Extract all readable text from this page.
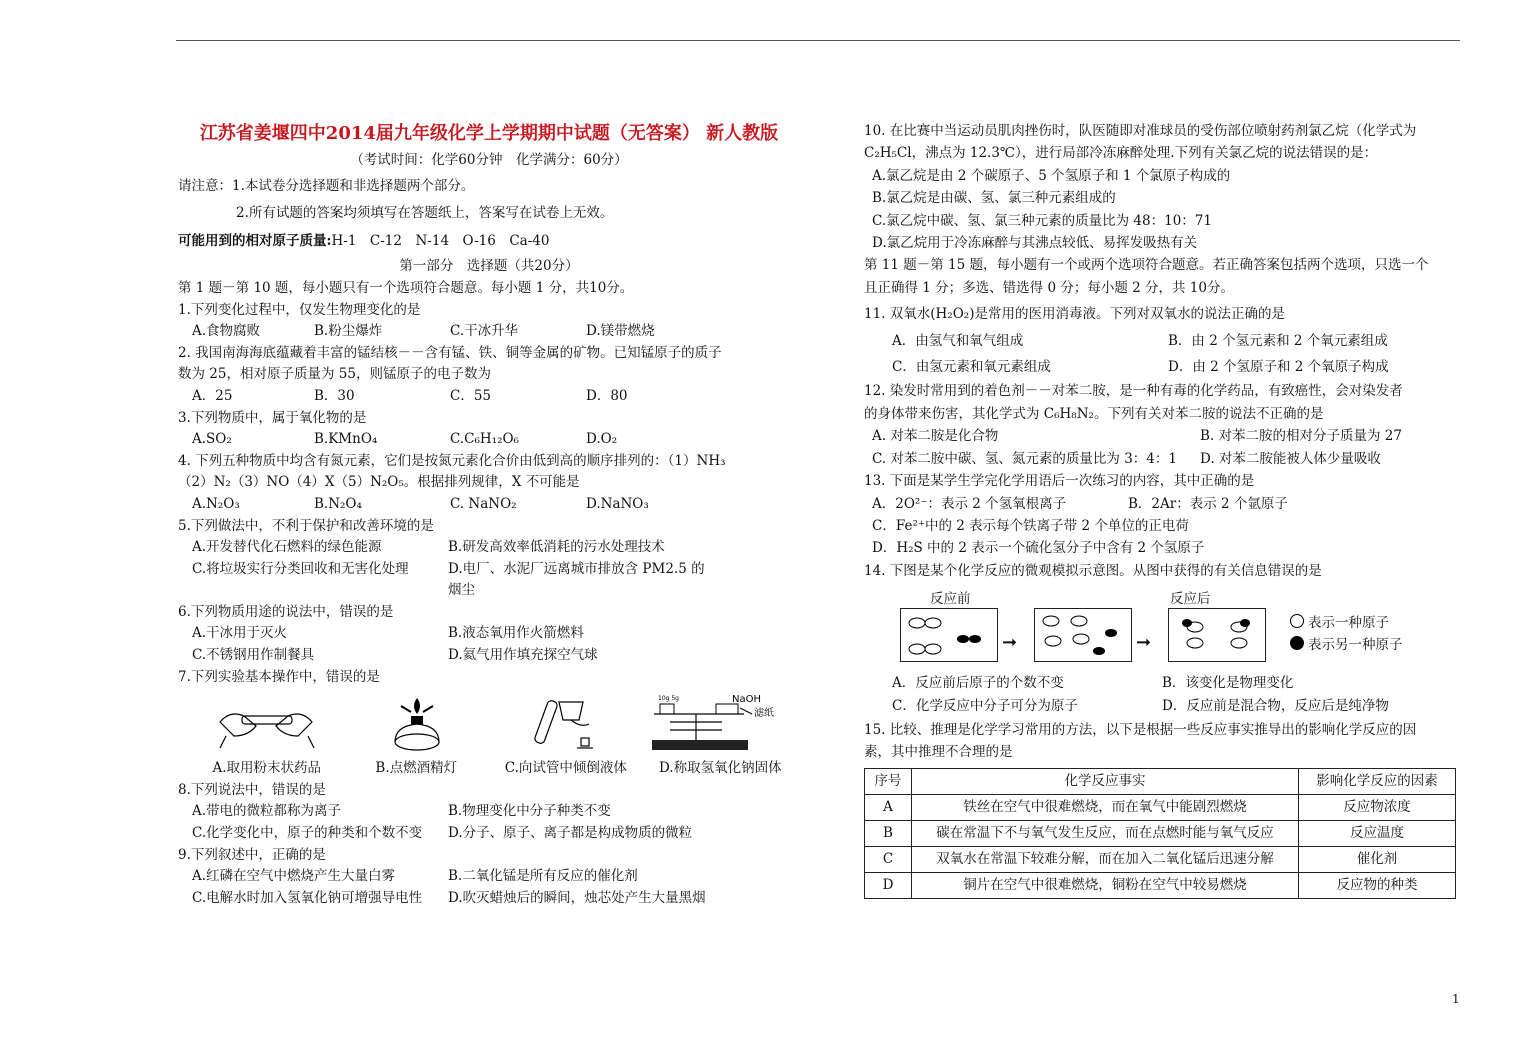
江苏省姜堰四中2014届九年级化学上学期期中试题（无答案） 新人教版
（考试时间：化学60分钟　化学满分：60分）
请注意：1.本试卷分选择题和非选择题两个部分。
2.所有试题的答案均须填写在答题纸上，答案写在试卷上无效。
可能用到的相对原子质量:H-1　C-12　N-14　O-16　Ca-40
第一部分　选择题（共20分）
第 1 题－第 10 题，每小题只有一个选项符合题意。每小题 1 分，共10分。
1.下列变化过程中，仅发生物理变化的是
A.食物腐败	B.粉尘爆炸	C.干冰升华	D.镁带燃烧
2. 我国南海海底蕴藏着丰富的锰结核－－含有锰、铁、铜等金属的矿物。已知锰原子的质子
数为 25，相对原子质量为 55，则锰原子的电子数为
A．25	B．30	C．55	D．80
3.下列物质中，属于氧化物的是
A.SO₂	B.KMnO₄	C.C₆H₁₂O₆	D.O₂
4. 下列五种物质中均含有氮元素，它们是按氮元素化合价由低到高的顺序排列的：（1）NH₃
（2）N₂（3）NO（4）X（5）N₂O₅。根据排列规律，X 不可能是
A.N₂O₃	B.N₂O₄	C. NaNO₂	D.NaNO₃
5.下列做法中，不利于保护和改善环境的是
A.开发替代化石燃料的绿色能源	B.研发高效率低消耗的污水处理技术
C.将垃圾实行分类回收和无害化处理	D.电厂、水泥厂远离城市排放含 PM2.5 的烟尘
6.下列物质用途的说法中，错误的是
A.干冰用于灭火	B.液态氧用作火箭燃料
C.不锈钢用作制餐具	D.氦气用作填充探空气球
7.下列实验基本操作中，错误的是
A.取用粉末状药品	B.点燃酒精灯	C.向试管中倾倒液体
10g 5g	NaOH
滤纸
D.称取氢氧化钠固体
8.下列说法中，错误的是
A.带电的微粒都称为离子	B.物理变化中分子种类不变
C.化学变化中，原子的种类和个数不变	D.分子、原子、离子都是构成物质的微粒
9.下列叙述中，正确的是
A.红磷在空气中燃烧产生大量白雾	B.二氧化锰是所有反应的催化剂
C.电解水时加入氢氧化钠可增强导电性	D.吹灭蜡烛后的瞬间，烛芯处产生大量黑烟
10. 在比赛中当运动员肌肉挫伤时，队医随即对准球员的受伤部位喷射药剂氯乙烷（化学式为
C₂H₅Cl，沸点为 12.3℃），进行局部冷冻麻醉处理.下列有关氯乙烷的说法错误的是：
A.氯乙烷是由 2 个碳原子、5 个氢原子和 1 个氯原子构成的
B.氯乙烷是由碳、氢、氯三种元素组成的
C.氯乙烷中碳、氢、氯三种元素的质量比为 48：10：71
D.氯乙烷用于冷冻麻醉与其沸点较低、易挥发吸热有关
第 11 题－第 15 题，每小题有一个或两个选项符合题意。若正确答案包括两个选项，只选一个
且正确得 1 分；多选、错选得 0 分；每小题 2 分，共 10分。
11. 双氧水(H₂O₂)是常用的医用消毒液。下列对双氧水的说法正确的是
A．由氢气和氧气组成	B．由 2 个氢元素和 2 个氧元素组成
C．由氢元素和氧元素组成	D．由 2 个氢原子和 2 个氧原子构成
12. 染发时常用到的着色剂－－对苯二胺，是一种有毒的化学药品，有致癌性，会对染发者
的身体带来伤害，其化学式为 C₆H₈N₂。下列有关对苯二胺的说法不正确的是
A. 对苯二胺是化合物	B. 对苯二胺的相对分子质量为 27
C. 对苯二胺中碳、氢、氮元素的质量比为 3：4：1	D. 对苯二胺能被人体少量吸收
13. 下面是某学生学完化学用语后一次练习的内容，其中正确的是
A．2O²⁻：表示 2 个氢氧根离子	B．2Ar：表示 2 个氩原子
C．Fe²⁺中的 2 表示每个铁离子带 2 个单位的正电荷
D．H₂S 中的 2 表示一个硫化氢分子中含有 2 个氢原子
14. 下图是某个化学反应的微观模拟示意图。从图中获得的有关信息错误的是
反应前	反应后
➞	➞
表示一种原子
表示另一种原子
A．反应前后原子的个数不变	B．该变化是物理变化
C．化学反应中分子可分为原子	D．反应前是混合物，反应后是纯净物
15. 比较、推理是化学学习常用的方法，以下是根据一些反应事实推导出的影响化学反应的因
素，其中推理不合理的是
序号	化学反应事实	影响化学反应的因素
A	铁丝在空气中很难燃烧，而在氧气中能剧烈燃烧	反应物浓度
B	碳在常温下不与氧气发生反应，而在点燃时能与氧气反应	反应温度
C	双氧水在常温下较难分解，而在加入二氧化锰后迅速分解	催化剂
D	铜片在空气中很难燃烧，铜粉在空气中较易燃烧	反应物的种类
1
